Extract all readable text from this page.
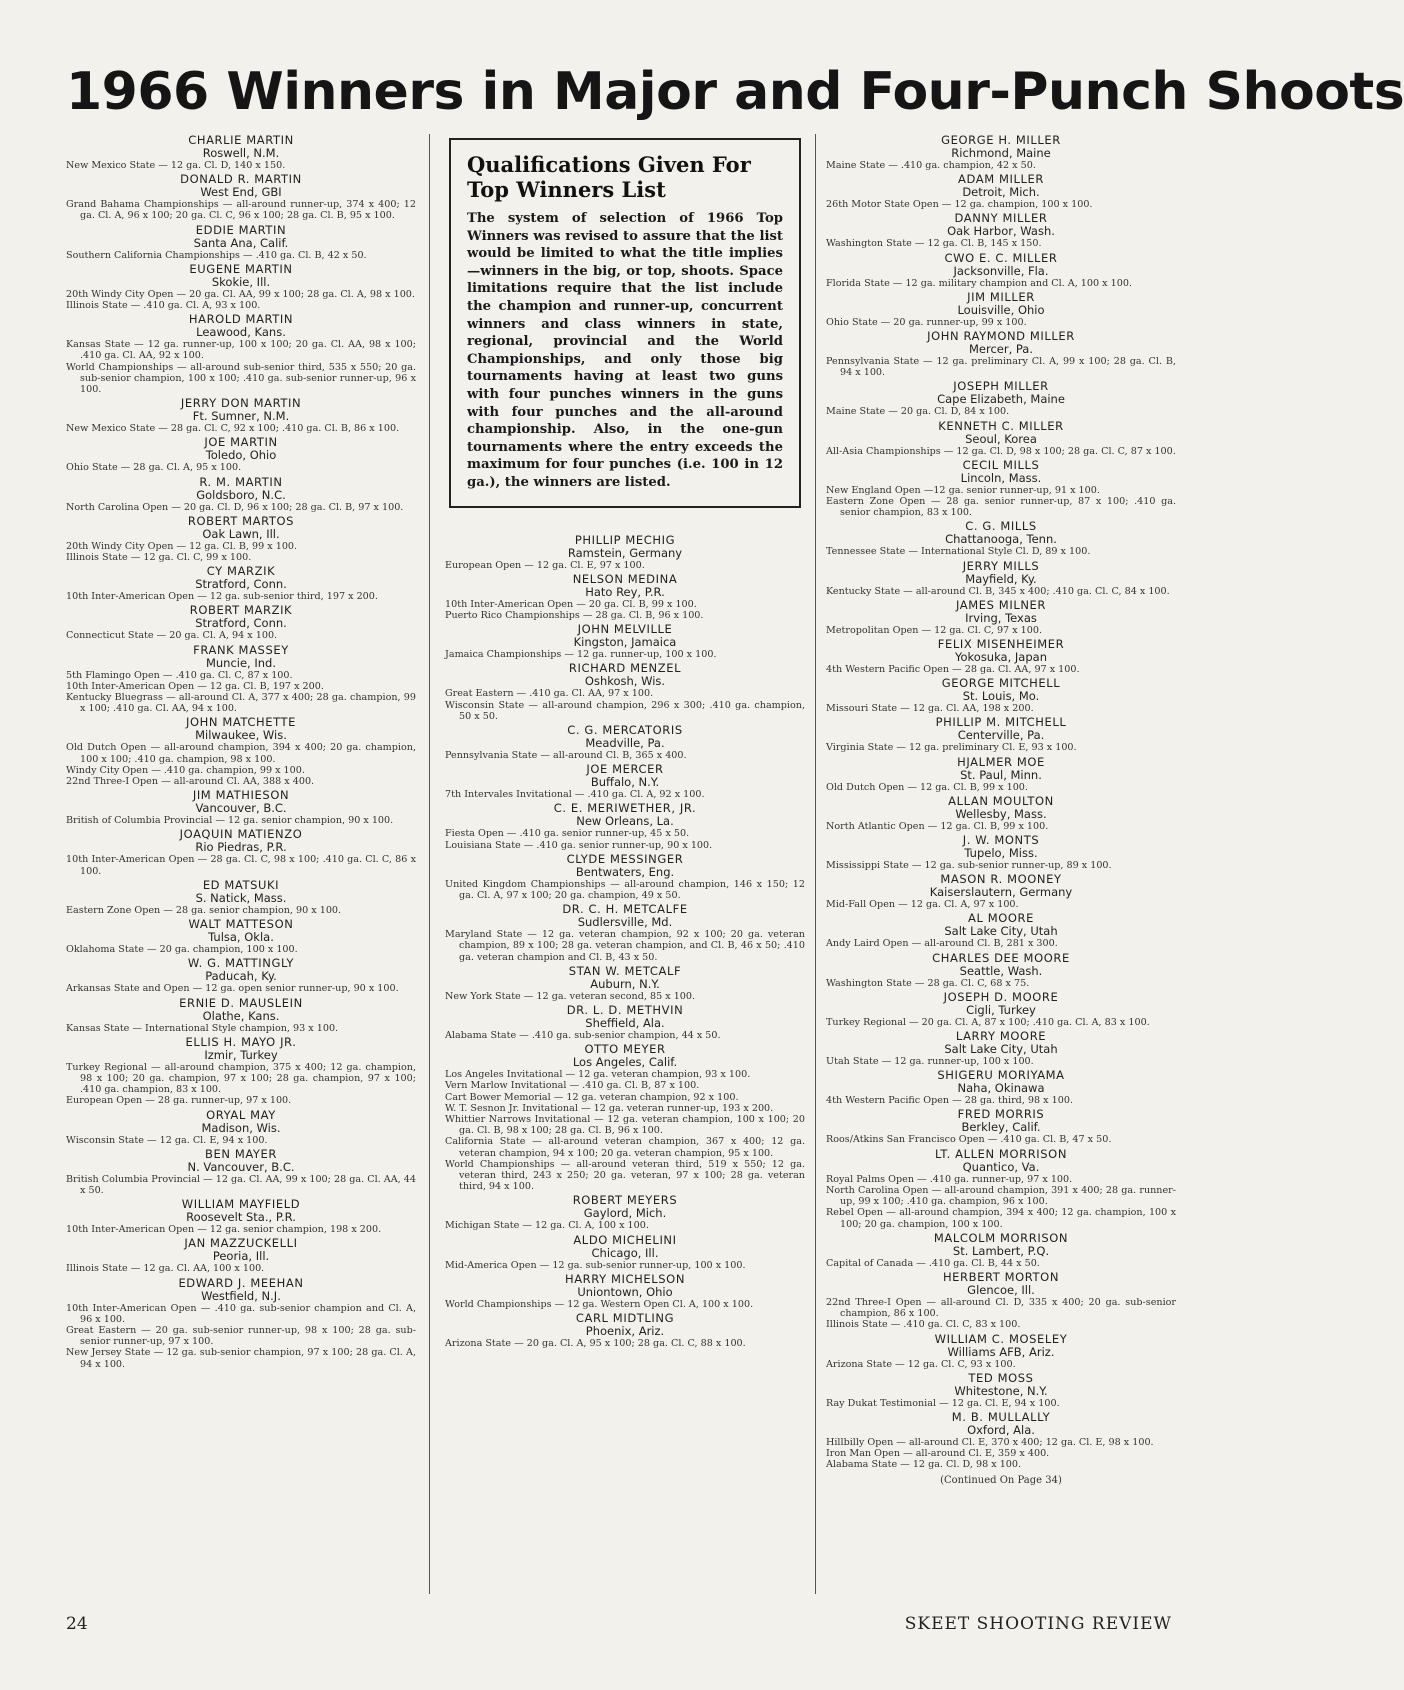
1966 Winners in Major and Four-Punch Shoots
CHARLIE MARTIN
Roswell, N.M.
New Mexico State — 12 ga. Cl. D, 140 x 150.
DONALD R. MARTIN
West End, GBI
Grand Bahama Championships — all-around runner-up, 374 x 400; 12 ga. Cl. A, 96 x 100; 20 ga. Cl. C, 96 x 100; 28 ga. Cl. B, 95 x 100.
EDDIE MARTIN
Santa Ana, Calif.
Southern California Championships — .410 ga. Cl. B, 42 x 50.
EUGENE MARTIN
Skokie, Ill.
20th Windy City Open — 20 ga. Cl. AA, 99 x 100; 28 ga. Cl. A, 98 x 100.
Illinois State — .410 ga. Cl. A, 93 x 100.
HAROLD MARTIN
Leawood, Kans.
Kansas State — 12 ga. runner-up, 100 x 100; 20 ga. Cl. AA, 98 x 100; .410 ga. Cl. AA, 92 x 100.
World Championships — all-around sub-senior third, 535 x 550; 20 ga. sub-senior champion, 100 x 100; .410 ga. sub-senior runner-up, 96 x 100.
JERRY DON MARTIN
Ft. Sumner, N.M.
New Mexico State — 28 ga. Cl. C, 92 x 100; .410 ga. Cl. B, 86 x 100.
JOE MARTIN
Toledo, Ohio
Ohio State — 28 ga. Cl. A, 95 x 100.
R. M. MARTIN
Goldsboro, N.C.
North Carolina Open — 20 ga. Cl. D, 96 x 100; 28 ga. Cl. B, 97 x 100.
ROBERT MARTOS
Oak Lawn, Ill.
20th Windy City Open — 12 ga. Cl. B, 99 x 100.
Illinois State — 12 ga. Cl. C, 99 x 100.
CY MARZIK
Stratford, Conn.
10th Inter-American Open — 12 ga. sub-senior third, 197 x 200.
ROBERT MARZIK
Stratford, Conn.
Connecticut State — 20 ga. Cl. A, 94 x 100.
FRANK MASSEY
Muncie, Ind.
5th Flamingo Open — .410 ga. Cl. C, 87 x 100.
10th Inter-American Open — 12 ga. Cl. B, 197 x 200.
Kentucky Bluegrass — all-around Cl. A, 377 x 400; 28 ga. champion, 99 x 100; .410 ga. Cl. AA, 94 x 100.
JOHN MATCHETTE
Milwaukee, Wis.
Old Dutch Open — all-around champion, 394 x 400; 20 ga. champion, 100 x 100; .410 ga. champion, 98 x 100.
Windy City Open — .410 ga. champion, 99 x 100.
22nd Three-I Open — all-around Cl. AA, 388 x 400.
JIM MATHIESON
Vancouver, B.C.
British of Columbia Provincial — 12 ga. senior champion, 90 x 100.
JOAQUIN MATIENZO
Rio Piedras, P.R.
10th Inter-American Open — 28 ga. Cl. C, 98 x 100; .410 ga. Cl. C, 86 x 100.
ED MATSUKI
S. Natick, Mass.
Eastern Zone Open — 28 ga. senior champion, 90 x 100.
WALT MATTESON
Tulsa, Okla.
Oklahoma State — 20 ga. champion, 100 x 100.
W. G. MATTINGLY
Paducah, Ky.
Arkansas State and Open — 12 ga. open senior runner-up, 90 x 100.
ERNIE D. MAUSLEIN
Olathe, Kans.
Kansas State — International Style champion, 93 x 100.
ELLIS H. MAYO JR.
Izmir, Turkey
Turkey Regional — all-around champion, 375 x 400; 12 ga. champion, 98 x 100; 20 ga. champion, 97 x 100; 28 ga. champion, 97 x 100; .410 ga. champion, 83 x 100.
European Open — 28 ga. runner-up, 97 x 100.
ORYAL MAY
Madison, Wis.
Wisconsin State — 12 ga. Cl. E, 94 x 100.
BEN MAYER
N. Vancouver, B.C.
British Columbia Provincial — 12 ga. Cl. AA, 99 x 100; 28 ga. Cl. AA, 44 x 50.
WILLIAM MAYFIELD
Roosevelt Sta., P.R.
10th Inter-American Open — 12 ga. senior champion, 198 x 200.
JAN MAZZUCKELLI
Peoria, Ill.
Illinois State — 12 ga. Cl. AA, 100 x 100.
EDWARD J. MEEHAN
Westfield, N.J.
10th Inter-American Open — .410 ga. sub-senior champion and Cl. A, 96 x 100.
Great Eastern — 20 ga. sub-senior runner-up, 98 x 100; 28 ga. sub-senior runner-up, 97 x 100.
New Jersey State — 12 ga. sub-senior champion, 97 x 100; 28 ga. Cl. A, 94 x 100.
Qualifications Given For Top Winners List
The system of selection of 1966 Top Winners was revised to assure that the list would be limited to what the title implies—winners in the big, or top, shoots. Space limitations require that the list include the champion and runner-up, concurrent winners and class winners in state, regional, provincial and the World Championships, and only those big tournaments having at least two guns with four punches winners in the guns with four punches and the all-around championship. Also, in the one-gun tournaments where the entry exceeds the maximum for four punches (i.e. 100 in 12 ga.), the winners are listed.
PHILLIP MECHIG
Ramstein, Germany
European Open — 12 ga. Cl. E, 97 x 100.
NELSON MEDINA
Hato Rey, P.R.
10th Inter-American Open — 20 ga. Cl. B, 99 x 100.
Puerto Rico Championships — 28 ga. Cl. B, 96 x 100.
JOHN MELVILLE
Kingston, Jamaica
Jamaica Championships — 12 ga. runner-up, 100 x 100.
RICHARD MENZEL
Oshkosh, Wis.
Great Eastern — .410 ga. Cl. AA, 97 x 100.
Wisconsin State — all-around champion, 296 x 300; .410 ga. champion, 50 x 50.
C. G. MERCATORIS
Meadville, Pa.
Pennsylvania State — all-around Cl. B, 365 x 400.
JOE MERCER
Buffalo, N.Y.
7th Intervales Invitational — .410 ga. Cl. A, 92 x 100.
C. E. MERIWETHER, JR.
New Orleans, La.
Fiesta Open — .410 ga. senior runner-up, 45 x 50.
Louisiana State — .410 ga. senior runner-up, 90 x 100.
CLYDE MESSINGER
Bentwaters, Eng.
United Kingdom Championships — all-around champion, 146 x 150; 12 ga. Cl. A, 97 x 100; 20 ga. champion, 49 x 50.
DR. C. H. METCALFE
Sudlersville, Md.
Maryland State — 12 ga. veteran champion, 92 x 100; 20 ga. veteran champion, 89 x 100; 28 ga. veteran champion, and Cl. B, 46 x 50; .410 ga. veteran champion and Cl. B, 43 x 50.
STAN W. METCALF
Auburn, N.Y.
New York State — 12 ga. veteran second, 85 x 100.
DR. L. D. METHVIN
Sheffield, Ala.
Alabama State — .410 ga. sub-senior champion, 44 x 50.
OTTO MEYER
Los Angeles, Calif.
Los Angeles Invitational — 12 ga. veteran champion, 93 x 100.
Vern Marlow Invitational — .410 ga. Cl. B, 87 x 100.
Cart Bower Memorial — 12 ga. veteran champion, 92 x 100.
W. T. Sesnon Jr. Invitational — 12 ga. veteran runner-up, 193 x 200.
Whittier Narrows Invitational — 12 ga. veteran champion, 100 x 100; 20 ga. Cl. B, 98 x 100; 28 ga. Cl. B, 96 x 100.
California State — all-around veteran champion, 367 x 400; 12 ga. veteran champion, 94 x 100; 20 ga. veteran champion, 95 x 100.
World Championships — all-around veteran third, 519 x 550; 12 ga. veteran third, 243 x 250; 20 ga. veteran, 97 x 100; 28 ga. veteran third, 94 x 100.
ROBERT MEYERS
Gaylord, Mich.
Michigan State — 12 ga. Cl. A, 100 x 100.
ALDO MICHELINI
Chicago, Ill.
Mid-America Open — 12 ga. sub-senior runner-up, 100 x 100.
HARRY MICHELSON
Uniontown, Ohio
World Championships — 12 ga. Western Open Cl. A, 100 x 100.
CARL MIDTLING
Phoenix, Ariz.
Arizona State — 20 ga. Cl. A, 95 x 100; 28 ga. Cl. C, 88 x 100.
GEORGE H. MILLER
Richmond, Maine
Maine State — .410 ga. champion, 42 x 50.
ADAM MILLER
Detroit, Mich.
26th Motor State Open — 12 ga. champion, 100 x 100.
DANNY MILLER
Oak Harbor, Wash.
Washington State — 12 ga. Cl. B, 145 x 150.
CWO E. C. MILLER
Jacksonville, Fla.
Florida State — 12 ga. military champion and Cl. A, 100 x 100.
JIM MILLER
Louisville, Ohio
Ohio State — 20 ga. runner-up, 99 x 100.
JOHN RAYMOND MILLER
Mercer, Pa.
Pennsylvania State — 12 ga. preliminary Cl. A, 99 x 100; 28 ga. Cl. B, 94 x 100.
JOSEPH MILLER
Cape Elizabeth, Maine
Maine State — 20 ga. Cl. D, 84 x 100.
KENNETH C. MILLER
Seoul, Korea
All-Asia Championships — 12 ga. Cl. D, 98 x 100; 28 ga. Cl. C, 87 x 100.
CECIL MILLS
Lincoln, Mass.
New England Open —12 ga. senior runner-up, 91 x 100.
Eastern Zone Open — 28 ga. senior runner-up, 87 x 100; .410 ga. senior champion, 83 x 100.
C. G. MILLS
Chattanooga, Tenn.
Tennessee State — International Style Cl. D, 89 x 100.
JERRY MILLS
Mayfield, Ky.
Kentucky State — all-around Cl. B, 345 x 400; .410 ga. Cl. C, 84 x 100.
JAMES MILNER
Irving, Texas
Metropolitan Open — 12 ga. Cl. C, 97 x 100.
FELIX MISENHEIMER
Yokosuka, Japan
4th Western Pacific Open — 28 ga. Cl. AA, 97 x 100.
GEORGE MITCHELL
St. Louis, Mo.
Missouri State — 12 ga. Cl. AA, 198 x 200.
PHILLIP M. MITCHELL
Centerville, Pa.
Virginia State — 12 ga. preliminary Cl. E, 93 x 100.
HJALMER MOE
St. Paul, Minn.
Old Dutch Open — 12 ga. Cl. B, 99 x 100.
ALLAN MOULTON
Wellesby, Mass.
North Atlantic Open — 12 ga. Cl. B, 99 x 100.
J. W. MONTS
Tupelo, Miss.
Mississippi State — 12 ga. sub-senior runner-up, 89 x 100.
MASON R. MOONEY
Kaiserslautern, Germany
Mid-Fall Open — 12 ga. Cl. A, 97 x 100.
AL MOORE
Salt Lake City, Utah
Andy Laird Open — all-around Cl. B, 281 x 300.
CHARLES DEE MOORE
Seattle, Wash.
Washington State — 28 ga. Cl. C, 68 x 75.
JOSEPH D. MOORE
Cigli, Turkey
Turkey Regional — 20 ga. Cl. A, 87 x 100; .410 ga. Cl. A, 83 x 100.
LARRY MOORE
Salt Lake City, Utah
Utah State — 12 ga. runner-up, 100 x 100.
SHIGERU MORIYAMA
Naha, Okinawa
4th Western Pacific Open — 28 ga. third, 98 x 100.
FRED MORRIS
Berkley, Calif.
Roos/Atkins San Francisco Open — .410 ga. Cl. B, 47 x 50.
LT. ALLEN MORRISON
Quantico, Va.
Royal Palms Open — .410 ga. runner-up, 97 x 100.
North Carolina Open — all-around champion, 391 x 400; 28 ga. runner-up, 99 x 100; .410 ga. champion, 96 x 100.
Rebel Open — all-around champion, 394 x 400; 12 ga. champion, 100 x 100; 20 ga. champion, 100 x 100.
MALCOLM MORRISON
St. Lambert, P.Q.
Capital of Canada — .410 ga. Cl. B, 44 x 50.
HERBERT MORTON
Glencoe, Ill.
22nd Three-I Open — all-around Cl. D, 335 x 400; 20 ga. sub-senior champion, 86 x 100.
Illinois State — .410 ga. Cl. C, 83 x 100.
WILLIAM C. MOSELEY
Williams AFB, Ariz.
Arizona State — 12 ga. Cl. C, 93 x 100.
TED MOSS
Whitestone, N.Y.
Ray Dukat Testimonial — 12 ga. Cl. E, 94 x 100.
M. B. MULLALLY
Oxford, Ala.
Hillbilly Open — all-around Cl. E, 370 x 400; 12 ga. Cl. E, 98 x 100.
Iron Man Open — all-around Cl. E, 359 x 400.
Alabama State — 12 ga. Cl. D, 98 x 100.
(Continued On Page 34)
24	SKEET SHOOTING REVIEW
